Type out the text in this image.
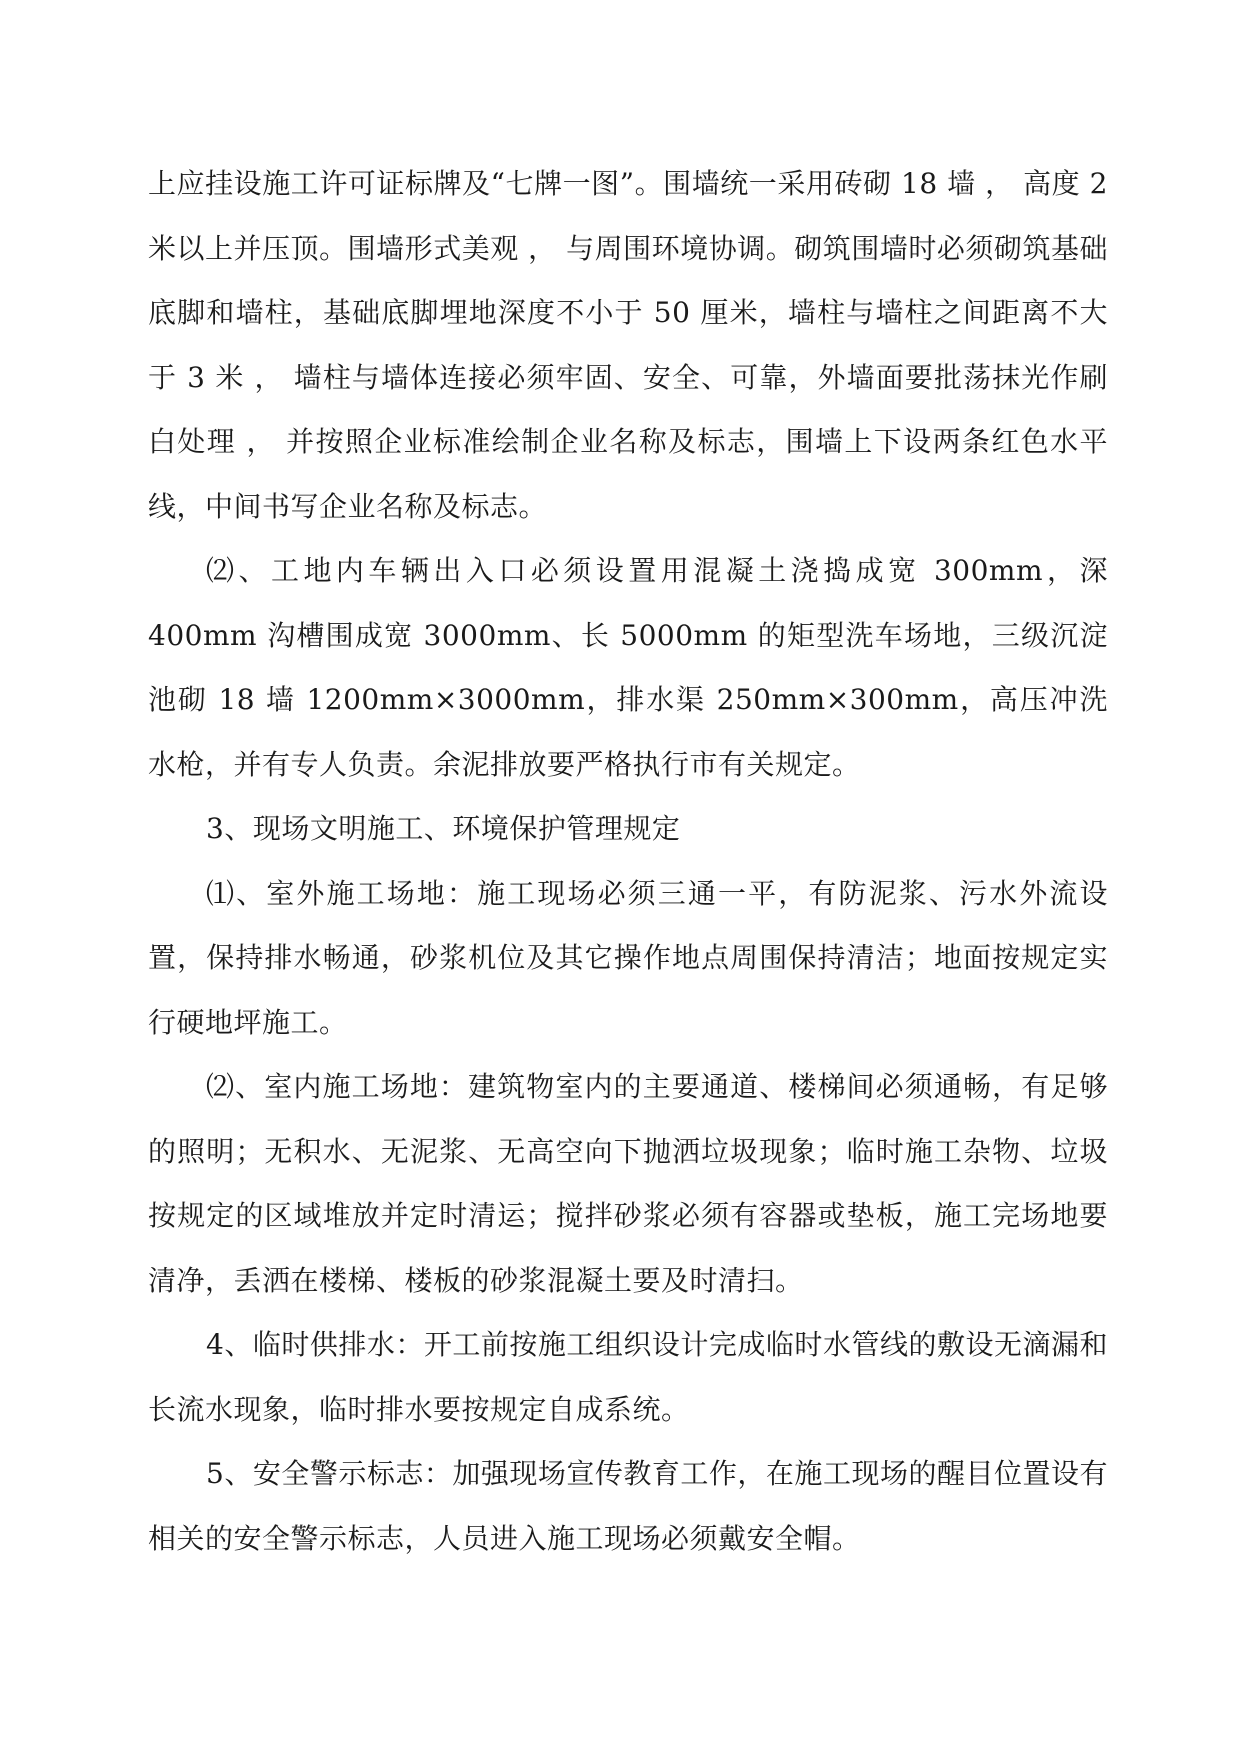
上应挂设施工许可证标牌及“七牌一图”。围墙统一采用砖砌 18 墙 ， 高度 2 米以上并压顶。围墙形式美观 ， 与周围环境协调。砌筑围墙时必须砌筑基础底脚和墙柱，基础底脚埋地深度不小于 50 厘米，墙柱与墙柱之间距离不大于 3 米 ， 墙柱与墙体连接必须牢固、安全、可靠，外墙面要批荡抹光作刷白处理 ， 并按照企业标准绘制企业名称及标志，围墙上下设两条红色水平线，中间书写企业名称及标志。

⑵、工地内车辆出入口必须设置用混凝土浇捣成宽 300mm，深 400mm 沟槽围成宽 3000mm、长 5000mm 的矩型洗车场地，三级沉淀池砌 18 墙 1200mm×3000mm，排水渠 250mm×300mm，高压冲洗水枪，并有专人负责。余泥排放要严格执行市有关规定。

3、现场文明施工、环境保护管理规定

⑴、室外施工场地：施工现场必须三通一平，有防泥浆、污水外流设置，保持排水畅通，砂浆机位及其它操作地点周围保持清洁；地面按规定实行硬地坪施工。

⑵、室内施工场地：建筑物室内的主要通道、楼梯间必须通畅，有足够的照明；无积水、无泥浆、无高空向下抛洒垃圾现象；临时施工杂物、垃圾按规定的区域堆放并定时清运；搅拌砂浆必须有容器或垫板，施工完场地要清净，丢洒在楼梯、楼板的砂浆混凝土要及时清扫。

4、临时供排水：开工前按施工组织设计完成临时水管线的敷设无滴漏和长流水现象，临时排水要按规定自成系统。

5、安全警示标志：加强现场宣传教育工作，在施工现场的醒目位置设有相关的安全警示标志，人员进入施工现场必须戴安全帽。
